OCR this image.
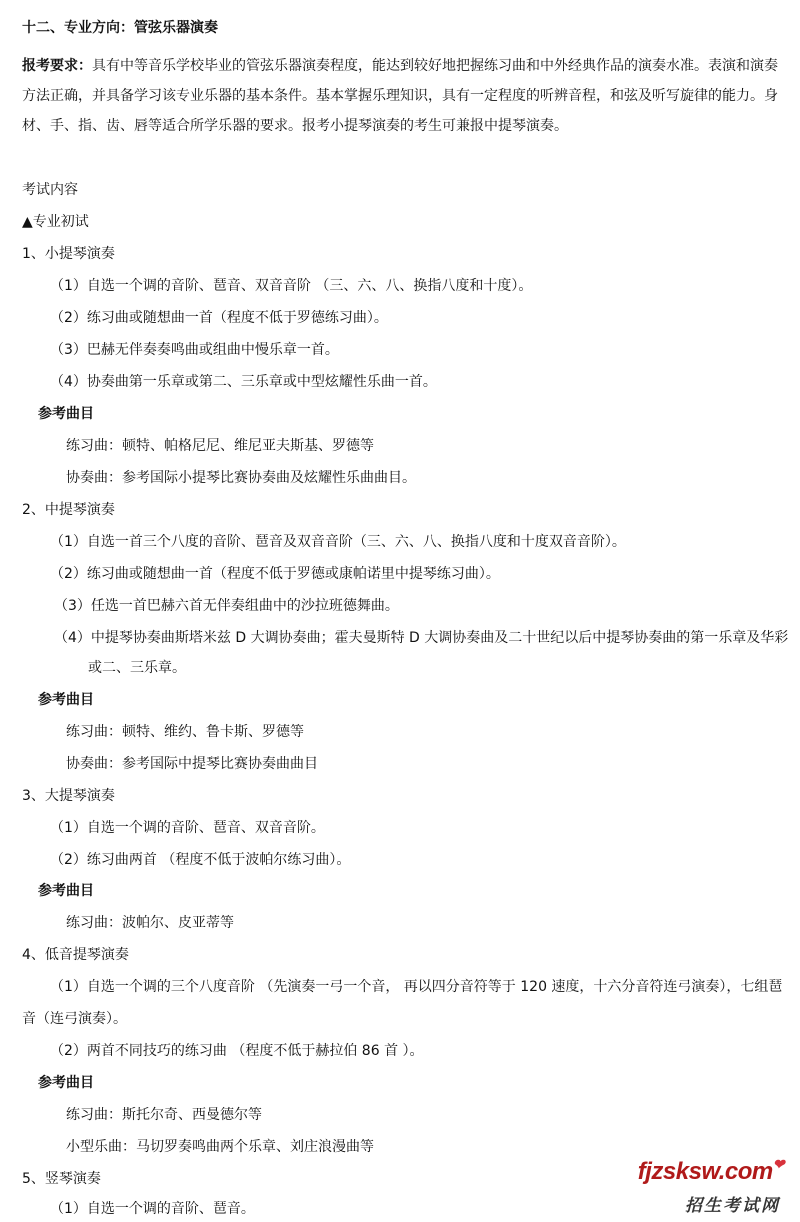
十二、专业方向：管弦乐器演奏
报考要求：具有中等音乐学校毕业的管弦乐器演奏程度，能达到较好地把握练习曲和中外经典作品的演奏水准。表演和演奏
方法正确，并具备学习该专业乐器的基本条件。基本掌握乐理知识，具有一定程度的听辨音程，和弦及听写旋律的能力。身
材、手、指、齿、唇等适合所学乐器的要求。报考小提琴演奏的考生可兼报中提琴演奏。
考试内容
▲专业初试
1、小提琴演奏
（1）自选一个调的音阶、琶音、双音音阶 （三、六、八、换指八度和十度）。
（2）练习曲或随想曲一首（程度不低于罗德练习曲）。
（3）巴赫无伴奏奏鸣曲或组曲中慢乐章一首。
（4）协奏曲第一乐章或第二、三乐章或中型炫耀性乐曲一首。
参考曲目
练习曲：顿特、帕格尼尼、维尼亚夫斯基、罗德等
协奏曲：参考国际小提琴比赛协奏曲及炫耀性乐曲曲目。
2、中提琴演奏
（1）自选一首三个八度的音阶、琶音及双音音阶（三、六、八、换指八度和十度双音音阶）。
（2）练习曲或随想曲一首（程度不低于罗德或康帕诺里中提琴练习曲）。
（3）任选一首巴赫六首无伴奏组曲中的沙拉班德舞曲。
（4）中提琴协奏曲斯塔米兹 D 大调协奏曲；霍夫曼斯特 D 大调协奏曲及二十世纪以后中提琴协奏曲的第一乐章及华彩
或二、三乐章。
参考曲目
练习曲：顿特、维约、鲁卡斯、罗德等
协奏曲：参考国际中提琴比赛协奏曲曲目
3、大提琴演奏
（1）自选一个调的音阶、琶音、双音音阶。
（2）练习曲两首 （程度不低于波帕尔练习曲）。
参考曲目
练习曲：波帕尔、皮亚蒂等
4、低音提琴演奏
（1）自选一个调的三个八度音阶 （先演奏一弓一个音， 再以四分音符等于 120 速度，十六分音符连弓演奏），七组琶
音（连弓演奏）。
（2）两首不同技巧的练习曲 （程度不低于赫拉伯 86 首 ）。
参考曲目
练习曲：斯托尔奇、西曼德尔等
小型乐曲：马切罗奏鸣曲两个乐章、刘庄浪漫曲等
5、竖琴演奏
（1）自选一个调的音阶、琶音。
fjzsksw.com❤
招生考试网
